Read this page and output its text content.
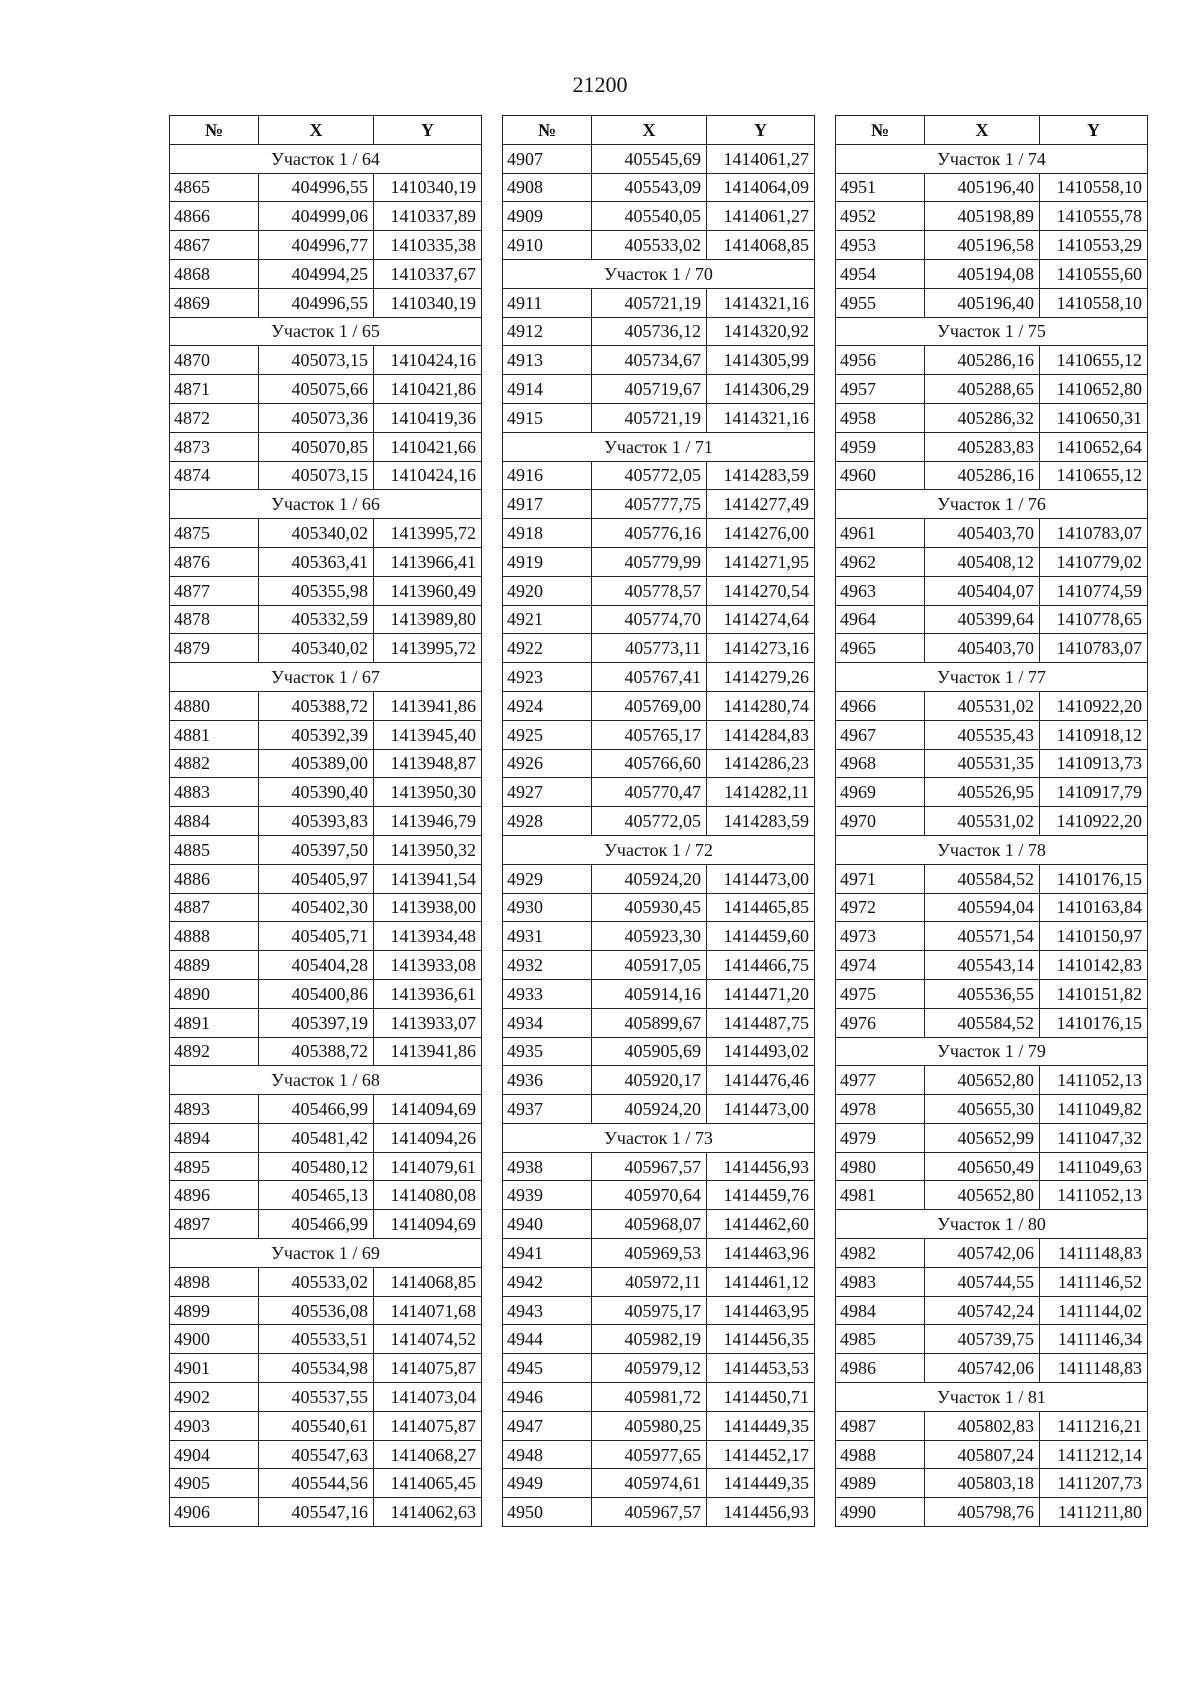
21200
№	X	Y
Участок 1 / 64		
4865	404996,55	1410340,19
4866	404999,06	1410337,89
4867	404996,77	1410335,38
4868	404994,25	1410337,67
4869	404996,55	1410340,19
Участок 1 / 65		
4870	405073,15	1410424,16
4871	405075,66	1410421,86
4872	405073,36	1410419,36
4873	405070,85	1410421,66
4874	405073,15	1410424,16
Участок 1 / 66		
4875	405340,02	1413995,72
4876	405363,41	1413966,41
4877	405355,98	1413960,49
4878	405332,59	1413989,80
4879	405340,02	1413995,72
Участок 1 / 67		
4880	405388,72	1413941,86
4881	405392,39	1413945,40
4882	405389,00	1413948,87
4883	405390,40	1413950,30
4884	405393,83	1413946,79
4885	405397,50	1413950,32
4886	405405,97	1413941,54
4887	405402,30	1413938,00
4888	405405,71	1413934,48
4889	405404,28	1413933,08
4890	405400,86	1413936,61
4891	405397,19	1413933,07
4892	405388,72	1413941,86
Участок 1 / 68		
4893	405466,99	1414094,69
4894	405481,42	1414094,26
4895	405480,12	1414079,61
4896	405465,13	1414080,08
4897	405466,99	1414094,69
Участок 1 / 69		
4898	405533,02	1414068,85
4899	405536,08	1414071,68
4900	405533,51	1414074,52
4901	405534,98	1414075,87
4902	405537,55	1414073,04
4903	405540,61	1414075,87
4904	405547,63	1414068,27
4905	405544,56	1414065,45
4906	405547,16	1414062,63
№	X	Y
4907	405545,69	1414061,27
4908	405543,09	1414064,09
4909	405540,05	1414061,27
4910	405533,02	1414068,85
Участок 1 / 70		
4911	405721,19	1414321,16
4912	405736,12	1414320,92
4913	405734,67	1414305,99
4914	405719,67	1414306,29
4915	405721,19	1414321,16
Участок 1 / 71		
4916	405772,05	1414283,59
4917	405777,75	1414277,49
4918	405776,16	1414276,00
4919	405779,99	1414271,95
4920	405778,57	1414270,54
4921	405774,70	1414274,64
4922	405773,11	1414273,16
4923	405767,41	1414279,26
4924	405769,00	1414280,74
4925	405765,17	1414284,83
4926	405766,60	1414286,23
4927	405770,47	1414282,11
4928	405772,05	1414283,59
Участок 1 / 72		
4929	405924,20	1414473,00
4930	405930,45	1414465,85
4931	405923,30	1414459,60
4932	405917,05	1414466,75
4933	405914,16	1414471,20
4934	405899,67	1414487,75
4935	405905,69	1414493,02
4936	405920,17	1414476,46
4937	405924,20	1414473,00
Участок 1 / 73		
4938	405967,57	1414456,93
4939	405970,64	1414459,76
4940	405968,07	1414462,60
4941	405969,53	1414463,96
4942	405972,11	1414461,12
4943	405975,17	1414463,95
4944	405982,19	1414456,35
4945	405979,12	1414453,53
4946	405981,72	1414450,71
4947	405980,25	1414449,35
4948	405977,65	1414452,17
4949	405974,61	1414449,35
4950	405967,57	1414456,93
№	X	Y
Участок 1 / 74		
4951	405196,40	1410558,10
4952	405198,89	1410555,78
4953	405196,58	1410553,29
4954	405194,08	1410555,60
4955	405196,40	1410558,10
Участок 1 / 75		
4956	405286,16	1410655,12
4957	405288,65	1410652,80
4958	405286,32	1410650,31
4959	405283,83	1410652,64
4960	405286,16	1410655,12
Участок 1 / 76		
4961	405403,70	1410783,07
4962	405408,12	1410779,02
4963	405404,07	1410774,59
4964	405399,64	1410778,65
4965	405403,70	1410783,07
Участок 1 / 77		
4966	405531,02	1410922,20
4967	405535,43	1410918,12
4968	405531,35	1410913,73
4969	405526,95	1410917,79
4970	405531,02	1410922,20
Участок 1 / 78		
4971	405584,52	1410176,15
4972	405594,04	1410163,84
4973	405571,54	1410150,97
4974	405543,14	1410142,83
4975	405536,55	1410151,82
4976	405584,52	1410176,15
Участок 1 / 79		
4977	405652,80	1411052,13
4978	405655,30	1411049,82
4979	405652,99	1411047,32
4980	405650,49	1411049,63
4981	405652,80	1411052,13
Участок 1 / 80		
4982	405742,06	1411148,83
4983	405744,55	1411146,52
4984	405742,24	1411144,02
4985	405739,75	1411146,34
4986	405742,06	1411148,83
Участок 1 / 81		
4987	405802,83	1411216,21
4988	405807,24	1411212,14
4989	405803,18	1411207,73
4990	405798,76	1411211,80
